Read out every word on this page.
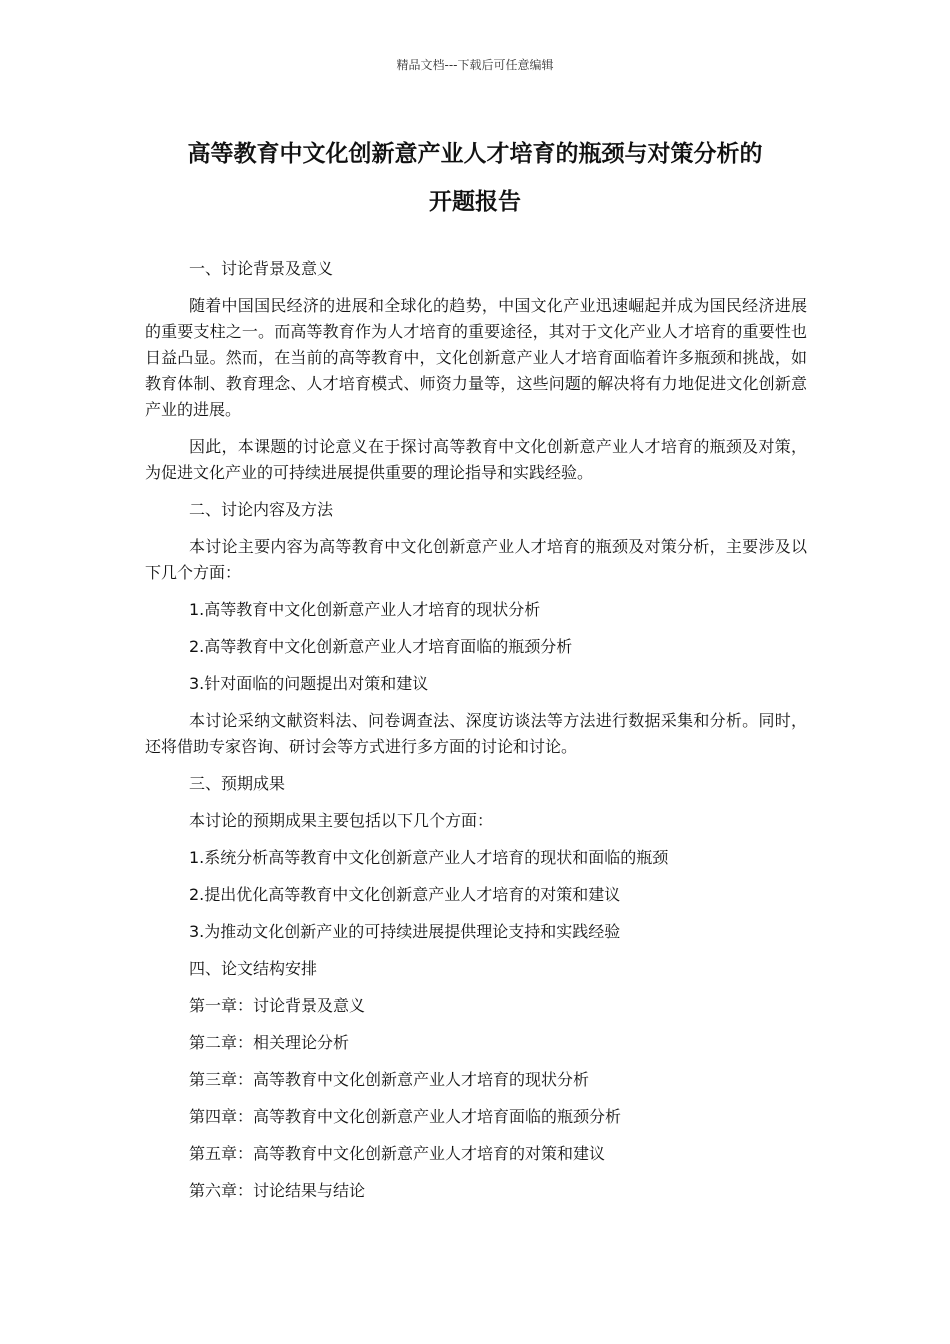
精品文档---下载后可任意编辑
高等教育中文化创新意产业人才培育的瓶颈与对策分析的
开题报告

一、讨论背景及意义

随着中国国民经济的进展和全球化的趋势，中国文化产业迅速崛起并成为国民经济进展的重要支柱之一。而高等教育作为人才培育的重要途径，其对于文化产业人才培育的重要性也日益凸显。然而，在当前的高等教育中，文化创新意产业人才培育面临着许多瓶颈和挑战，如教育体制、教育理念、人才培育模式、师资力量等，这些问题的解决将有力地促进文化创新意产业的进展。

因此，本课题的讨论意义在于探讨高等教育中文化创新意产业人才培育的瓶颈及对策，为促进文化产业的可持续进展提供重要的理论指导和实践经验。

二、讨论内容及方法

本讨论主要内容为高等教育中文化创新意产业人才培育的瓶颈及对策分析，主要涉及以下几个方面：

1.高等教育中文化创新意产业人才培育的现状分析

2.高等教育中文化创新意产业人才培育面临的瓶颈分析

3.针对面临的问题提出对策和建议

本讨论采纳文献资料法、问卷调查法、深度访谈法等方法进行数据采集和分析。同时，还将借助专家咨询、研讨会等方式进行多方面的讨论和讨论。

三、预期成果

本讨论的预期成果主要包括以下几个方面：

1.系统分析高等教育中文化创新意产业人才培育的现状和面临的瓶颈

2.提出优化高等教育中文化创新意产业人才培育的对策和建议

3.为推动文化创新产业的可持续进展提供理论支持和实践经验

四、论文结构安排

第一章：讨论背景及意义

第二章：相关理论分析

第三章：高等教育中文化创新意产业人才培育的现状分析

第四章：高等教育中文化创新意产业人才培育面临的瓶颈分析

第五章：高等教育中文化创新意产业人才培育的对策和建议

第六章：讨论结果与结论
